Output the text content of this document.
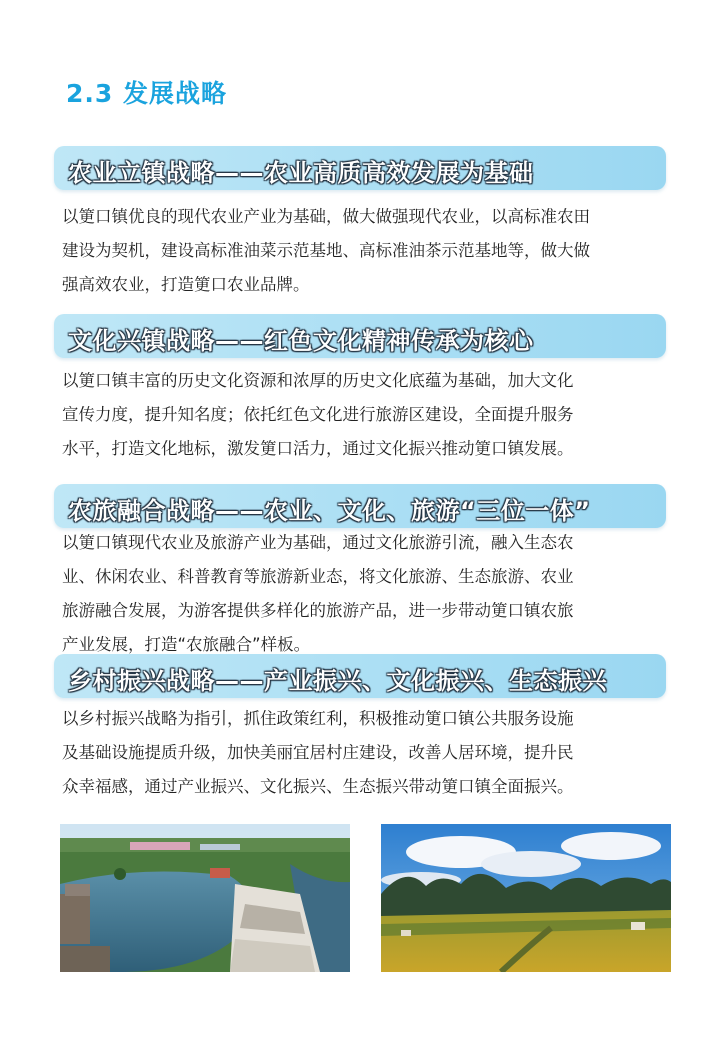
2.3 发展战略
农业立镇战略——农业高质高效发展为基础
以筻口镇优良的现代农业产业为基础，做大做强现代农业，以高标准农田
建设为契机，建设高标准油菜示范基地、高标准油茶示范基地等，做大做
强高效农业，打造筻口农业品牌。
文化兴镇战略——红色文化精神传承为核心
以筻口镇丰富的历史文化资源和浓厚的历史文化底蕴为基础，加大文化
宣传力度，提升知名度；依托红色文化进行旅游区建设，全面提升服务
水平，打造文化地标，激发筻口活力，通过文化振兴推动筻口镇发展。
农旅融合战略——农业、文化、旅游“三位一体”
以筻口镇现代农业及旅游产业为基础，通过文化旅游引流，融入生态农
业、休闲农业、科普教育等旅游新业态，将文化旅游、生态旅游、农业
旅游融合发展，为游客提供多样化的旅游产品，进一步带动筻口镇农旅
产业发展，打造“农旅融合”样板。
乡村振兴战略——产业振兴、文化振兴、生态振兴
以乡村振兴战略为指引，抓住政策红利，积极推动筻口镇公共服务设施
及基础设施提质升级，加快美丽宜居村庄建设，改善人居环境，提升民
众幸福感，通过产业振兴、文化振兴、生态振兴带动筻口镇全面振兴。
